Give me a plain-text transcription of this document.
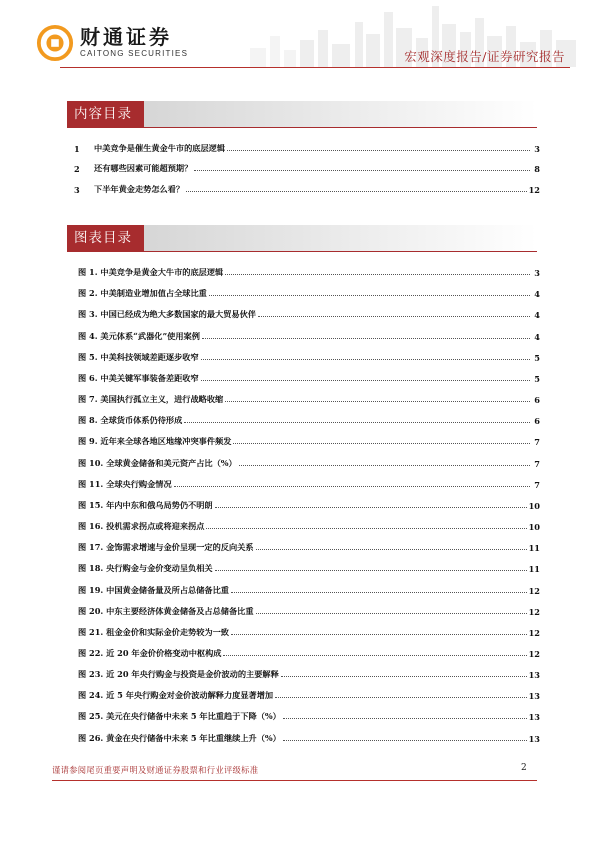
财通证券
CAITONG SECURITIES	宏观深度报告/证券研究报告
内容目录
1	中美竞争是催生黄金牛市的底层逻辑	3
2	还有哪些因素可能超预期？	8
3	下半年黄金走势怎么看？	12
图表目录
图 1. 中美竞争是黄金大牛市的底层逻辑	3
图 2. 中美制造业增加值占全球比重	4
图 3. 中国已经成为绝大多数国家的最大贸易伙伴	4
图 4. 美元体系“武器化”使用案例	4
图 5. 中美科技领域差距逐步收窄	5
图 6. 中美关键军事装备差距收窄	5
图 7. 美国执行孤立主义，进行战略收缩	6
图 8. 全球货币体系仍待形成	6
图 9. 近年来全球各地区地缘冲突事件频发	7
图 10. 全球黄金储备和美元资产占比（%）	7
图 11. 全球央行购金情况	7
图 15. 年内中东和俄乌局势仍不明朗	10
图 16. 投机需求拐点或将迎来拐点	10
图 17. 金饰需求增速与金价呈现一定的反向关系	11
图 18. 央行购金与金价变动呈负相关	11
图 19. 中国黄金储备量及所占总储备比重	12
图 20. 中东主要经济体黄金储备及占总储备比重	12
图 21. 租金金价和实际金价走势较为一致	12
图 22. 近 20 年金价价格变动中枢构成	12
图 23. 近 20 年央行购金与投资是金价波动的主要解释	13
图 24. 近 5 年央行购金对金价波动解释力度显著增加	13
图 25. 美元在央行储备中未来 5 年比重趋于下降（%）	13
图 26. 黄金在央行储备中未来 5 年比重继续上升（%）	13
谨请参阅尾页重要声明及财通证券股票和行业评级标准	2
